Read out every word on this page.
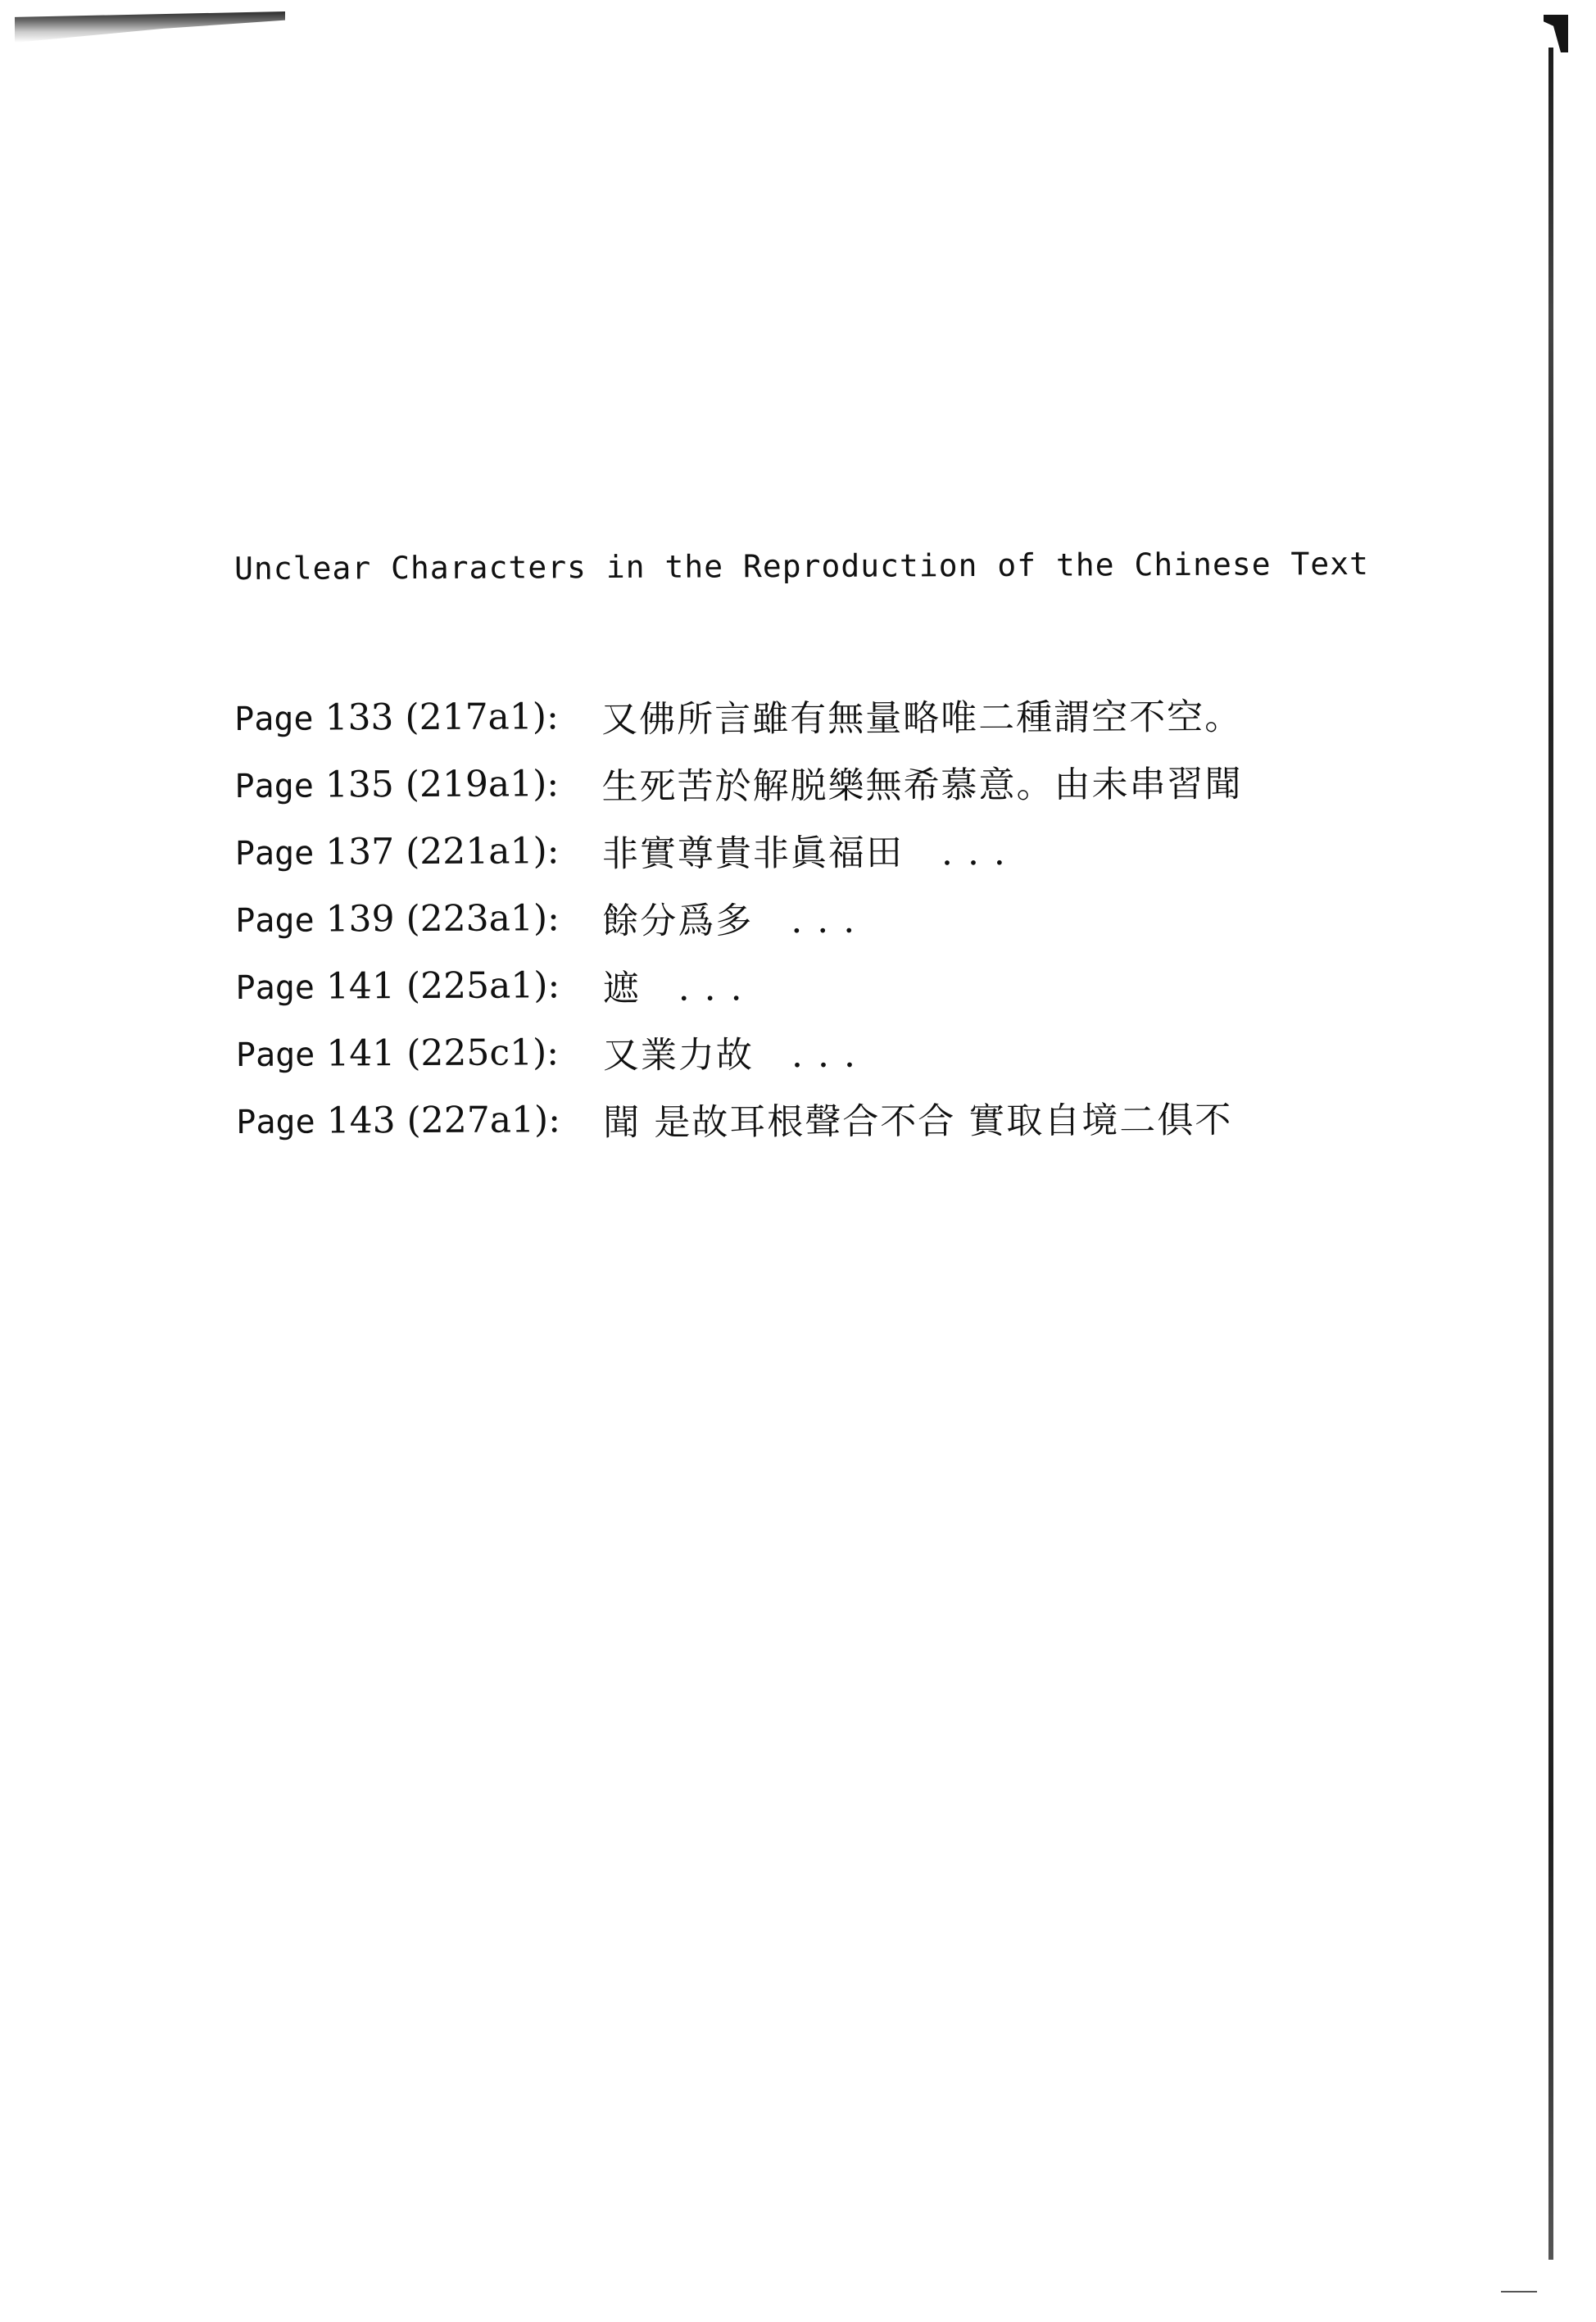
Unclear Characters in the Reproduction of the Chinese Text
Page 133 (217a1):	又佛所言雖有無量略唯二種謂空不空。
Page 135 (219a1):	生死苦於解脱樂無希慕意。由未串習聞
Page 137 (221a1):	非實尊貴非眞福田　. . .
Page 139 (223a1):	餘分爲多　. . .
Page 141 (225a1):	遮　. . .
Page 141 (225c1):	又業力故　. . .
Page 143 (227a1):	聞 是故耳根聲合不合 實取自境二俱不
